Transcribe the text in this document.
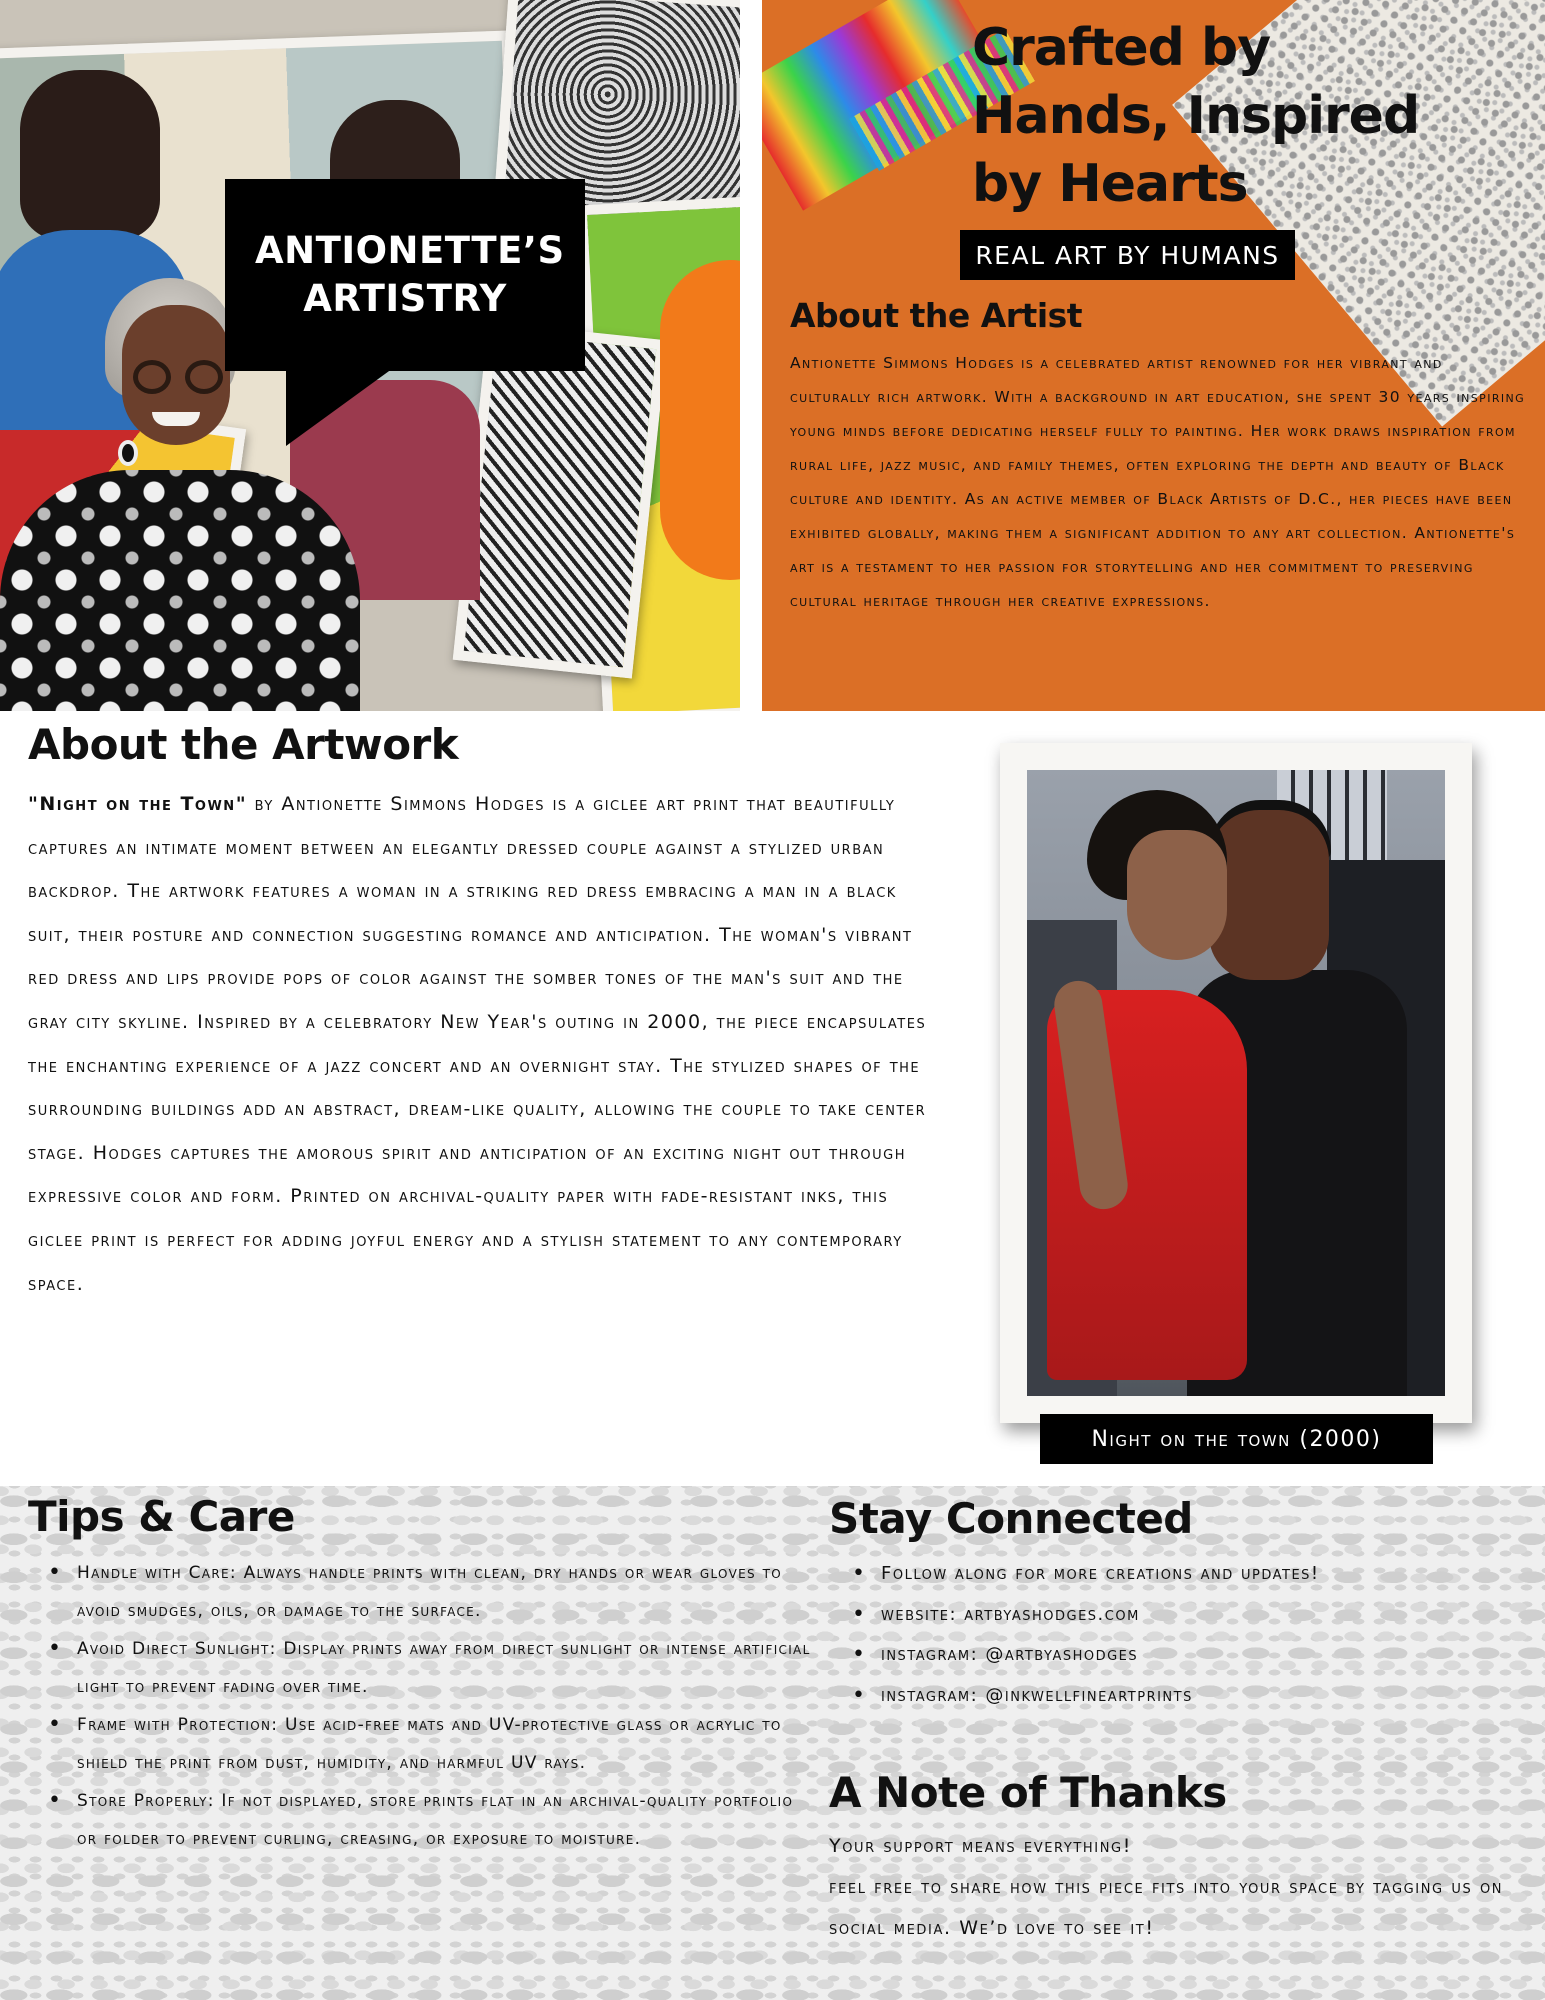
ANTIONETTE’S ARTISTRY
Crafted by Hands, Inspired by Hearts
REAL ART BY HUMANS
About the Artist
Antionette Simmons Hodges is a celebrated artist renowned for her vibrant and culturally rich artwork. With a background in art education, she spent 30 years inspiring young minds before dedicating herself fully to painting. Her work draws inspiration from rural life, jazz music, and family themes, often exploring the depth and beauty of Black culture and identity. As an active member of Black Artists of D.C., her pieces have been exhibited globally, making them a significant addition to any art collection. Antionette's art is a testament to her passion for storytelling and her commitment to preserving cultural heritage through her creative expressions.
About the Artwork
"Night on the Town" by Antionette Simmons Hodges is a giclee art print that beautifully captures an intimate moment between an elegantly dressed couple against a stylized urban backdrop. The artwork features a woman in a striking red dress embracing a man in a black suit, their posture and connection suggesting romance and anticipation. The woman's vibrant red dress and lips provide pops of color against the somber tones of the man's suit and the gray city skyline. Inspired by a celebratory New Year's outing in 2000, the piece encapsulates the enchanting experience of a jazz concert and an overnight stay. The stylized shapes of the surrounding buildings add an abstract, dream-like quality, allowing the couple to take center stage. Hodges captures the amorous spirit and anticipation of an exciting night out through expressive color and form. Printed on archival-quality paper with fade-resistant inks, this giclee print is perfect for adding joyful energy and a stylish statement to any contemporary space.
Night on the town (2000)
Tips & Care
• Handle with Care: Always handle prints with clean, dry hands or wear gloves to avoid smudges, oils, or damage to the surface.
• Avoid Direct Sunlight: Display prints away from direct sunlight or intense artificial light to prevent fading over time.
• Frame with Protection: Use acid-free mats and UV-protective glass or acrylic to shield the print from dust, humidity, and harmful UV rays.
• Store Properly: If not displayed, store prints flat in an archival-quality portfolio or folder to prevent curling, creasing, or exposure to moisture.
Stay Connected
• Follow along for more creations and updates!
• website: artbyashodges.com
• instagram: @artbyashodges
• instagram: @inkwellfineartprints
A Note of Thanks
Your support means everything!
feel free to share how this piece fits into your space by tagging us on social media. We’d love to see it!
